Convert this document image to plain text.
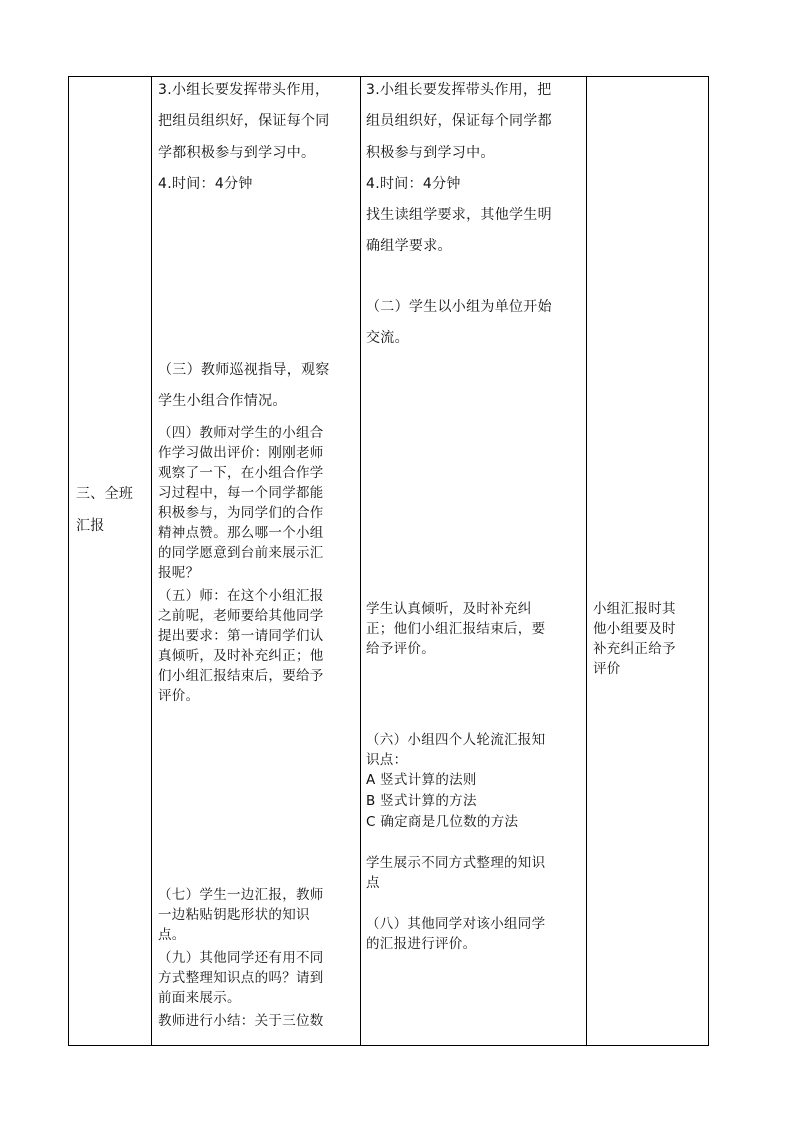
三、全班
汇报
3.小组长要发挥带头作用，
把组员组织好，保证每个同
学都积极参与到学习中。
4.时间：4分钟
（三）教师巡视指导，观察
学生小组合作情况。
（四）教师对学生的小组合
作学习做出评价：刚刚老师
观察了一下，在小组合作学
习过程中，每一个同学都能
积极参与，为同学们的合作
精神点赞。那么哪一个小组
的同学愿意到台前来展示汇
报呢？
（五）师：在这个小组汇报
之前呢，老师要给其他同学
提出要求：第一请同学们认
真倾听，及时补充纠正；他
们小组汇报结束后，要给予
评价。
（七）学生一边汇报，教师
一边粘贴钥匙形状的知识
点。
（九）其他同学还有用不同
方式整理知识点的吗？请到
前面来展示。
教师进行小结：关于三位数
3.小组长要发挥带头作用，把
组员组织好，保证每个同学都
积极参与到学习中。
4.时间：4分钟
找生读组学要求，其他学生明
确组学要求。
（二）学生以小组为单位开始
交流。
学生认真倾听，及时补充纠
正；他们小组汇报结束后，要
给予评价。
（六）小组四个人轮流汇报知
识点：
A 竖式计算的法则
B 竖式计算的方法
C 确定商是几位数的方法
学生展示不同方式整理的知识
点
（八）其他同学对该小组同学
的汇报进行评价。
小组汇报时其
他小组要及时
补充纠正给予
评价
